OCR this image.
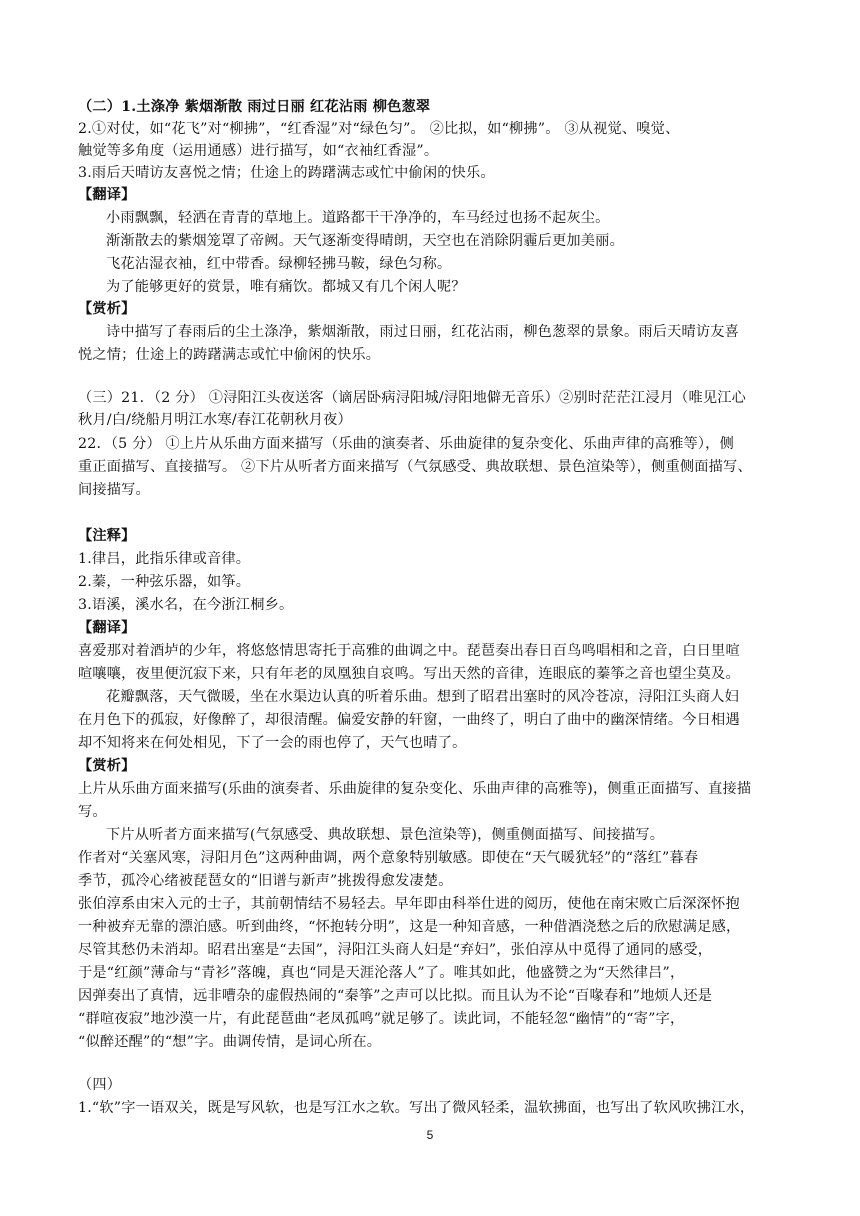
（二）1.土涤净 紫烟渐散 雨过日丽 红花沾雨 柳色葱翠
2.①对仗，如“花飞”对“柳拂”，“红香湿”对“绿色匀”。 ②比拟，如“柳拂”。 ③从视觉、嗅觉、
触觉等多角度（运用通感）进行描写，如“衣袖红香湿”。
3.雨后天晴访友喜悦之情；仕途上的踌躇满志或忙中偷闲的快乐。
【翻译】
小雨飘飘，轻洒在青青的草地上。道路都干干净净的，车马经过也扬不起灰尘。
渐渐散去的紫烟笼罩了帝阙。天气逐渐变得晴朗，天空也在消除阴霾后更加美丽。
飞花沾湿衣袖，红中带香。绿柳轻拂马鞍，绿色匀称。
为了能够更好的赏景，唯有痛饮。都城又有几个闲人呢？
【赏析】
诗中描写了春雨后的尘土涤净，紫烟渐散，雨过日丽，红花沾雨，柳色葱翠的景象。雨后天晴访友喜
悦之情；仕途上的踌躇满志或忙中偷闲的快乐。
（三）21．（2 分） ①浔阳江头夜送客（谪居卧病浔阳城/浔阳地僻无音乐）②别时茫茫江浸月（唯见江心
秋月/白/绕船月明江水寒/春江花朝秋月夜）
22．（5 分） ①上片从乐曲方面来描写（乐曲的演奏者、乐曲旋律的复杂变化、乐曲声律的高雅等），侧
重正面描写、直接描写。 ②下片从听者方面来描写（气氛感受、典故联想、景色渲染等），侧重侧面描写、
间接描写。
【注释】
1.律吕，此指乐律或音律。
2.蓁，一种弦乐器，如筝。
3.语溪，溪水名，在今浙江桐乡。
【翻译】
喜爱那对着酒垆的少年，将悠悠情思寄托于高雅的曲调之中。琵琶奏出春日百鸟鸣唱相和之音，白日里喧
喧嚷嚷，夜里便沉寂下来，只有年老的凤凰独自哀鸣。写出天然的音律，连眼底的蓁筝之音也望尘莫及。
花瓣飘落，天气微暖，坐在水渠边认真的听着乐曲。想到了昭君出塞时的风冷苍凉，浔阳江头商人妇
在月色下的孤寂，好像醉了，却很清醒。偏爱安静的轩窗，一曲终了，明白了曲中的幽深情绪。今日相遇
却不知将来在何处相见，下了一会的雨也停了，天气也晴了。
【赏析】
上片从乐曲方面来描写(乐曲的演奏者、乐曲旋律的复杂变化、乐曲声律的高雅等)，侧重正面描写、直接描
写。
下片从听者方面来描写(气氛感受、典故联想、景色渲染等)，侧重侧面描写、间接描写。
作者对“关塞风寒，浔阳月色”这两种曲调，两个意象特别敏感。即使在“天气暖犹轻”的“落红”暮春
季节，孤冷心绪被琵琶女的“旧谱与新声”挑拨得愈发凄楚。
张伯淳系由宋入元的士子，其前朝情结不易轻去。早年即由科举仕进的阅历，使他在南宋败亡后深深怀抱
一种被弃无靠的漂泊感。听到曲终，“怀抱转分明”，这是一种知音感，一种借酒浇愁之后的欣慰满足感，
尽管其愁仍未消却。昭君出塞是“去国”，浔阳江头商人妇是“弃妇”，张伯淳从中觅得了通同的感受，
于是“红颜”薄命与“青衫”落魄，真也“同是天涯沦落人”了。唯其如此，他盛赞之为“天然律吕”，
因弹奏出了真情，远非嘈杂的虚假热闹的“秦筝”之声可以比拟。而且认为不论“百喙春和”地烦人还是
“群喧夜寂”地沙漠一片，有此琵琶曲“老凤孤鸣”就足够了。读此词，不能轻忽“幽情”的“寄”字，
“似醉还醒”的“想”字。曲调传情，是词心所在。
（四）
1.“软”字一语双关，既是写风软，也是写江水之软。写出了微风轻柔，温软拂面，也写出了软风吹拂江水，
5
